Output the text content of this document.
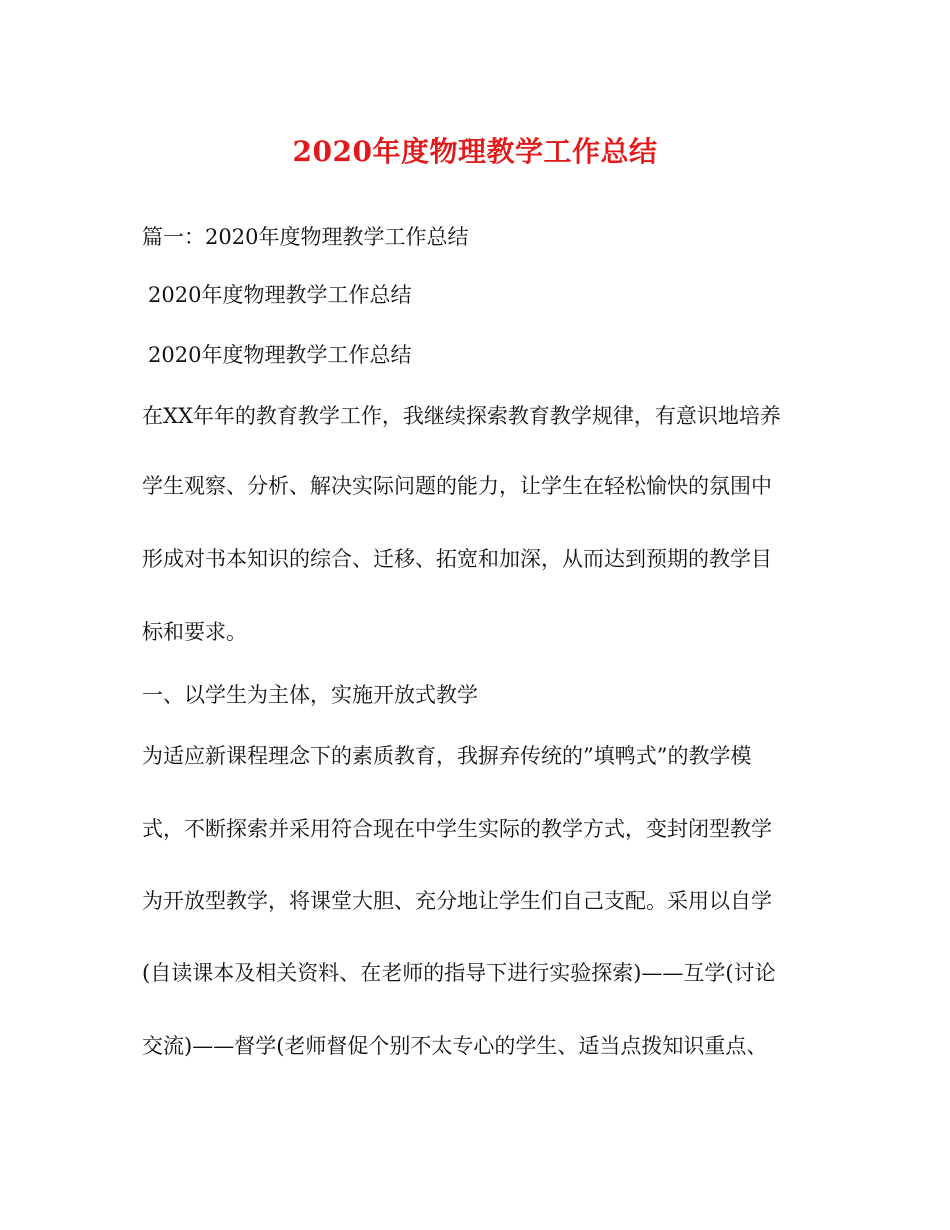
2020年度物理教学工作总结
篇一：2020年度物理教学工作总结
2020年度物理教学工作总结
2020年度物理教学工作总结
在XX年年的教育教学工作，我继续探索教育教学规律，有意识地培养
学生观察、分析、解决实际问题的能力，让学生在轻松愉快的氛围中
形成对书本知识的综合、迁移、拓宽和加深，从而达到预期的教学目
标和要求。
一、以学生为主体，实施开放式教学
为适应新课程理念下的素质教育，我摒弃传统的”填鸭式”的教学模
式，不断探索并采用符合现在中学生实际的教学方式，变封闭型教学
为开放型教学，将课堂大胆、充分地让学生们自己支配。采用以自学
(自读课本及相关资料、在老师的指导下进行实验探索)——互学(讨论
交流)——督学(老师督促个别不太专心的学生、适当点拨知识重点、
